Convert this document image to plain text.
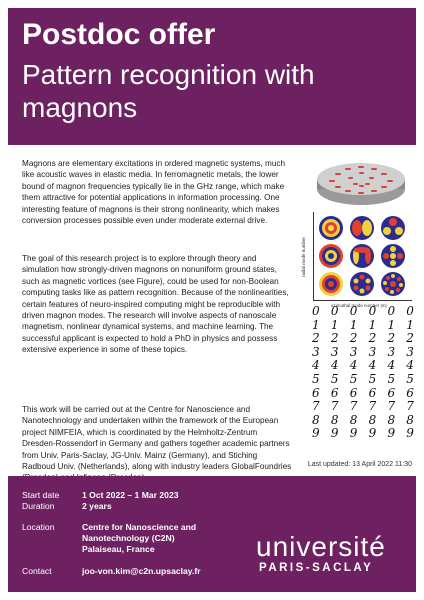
Postdoc offer
Pattern recognition with magnons

Magnons are elementary excitations in ordered magnetic systems, much like acoustic waves in elastic media. In ferromagnetic metals, the lower bound of magnon frequencies typically lie in the GHz range, which make them attractive for potential applications in information processing. One interesting feature of magnons is their strong nonlinearity, which makes conversion processes possible even under moderate external drive.

The goal of this research project is to explore through theory and simulation how strongly-driven magnons on nonuniform ground states, such as magnetic vortices (see Figure), could be used for non-Boolean computing tasks like as pattern recognition. Because of the nonlinearities, certain features of neuro-inspired computing might be reproducible with driven magnon modes. The research will involve aspects of nanoscale magnetism, nonlinear dynamical systems, and machine learning. The successful applicant is expected to hold a PhD in physics and possess extensive experience in some of these topics.

This work will be carried out at the Centre for Nanoscience and Nanotechnology and undertaken within the framework of the European project NIMFEIA, which is coordinated by the Helmholtz-Zentrum Dresden-Rossendorf in Germany and gathers together academic partners from Univ. Paris-Saclay, JG-Univ. Mainz (Germany), and Stiching Radboud Univ. (Netherlands), along with industry leaders GlobalFoundries

radial mode number
azimuthal mode number |m|
0 0 0 0 0 0
1 1 1 1 1 1
2 2 2 2 2 2
3 3 3 3 3 3
4 4 4 4 4 4
5 5 5 5 5 5
6 6 6 6 6 6
7 7 7 7 7 7
8 8 8 8 8 8
9 9 9 9 9 9
Last updated: 13 April 2022 11:30
Start date	1 Oct 2022 – 1 Mar 2023
Duration	2 years
Location	Centre for Nanoscience and
Nanotechnology (C2N)
Palaiseau, France
Contact	joo-von.kim@c2n.upsaclay.fr
université
PARIS-SACLAY
